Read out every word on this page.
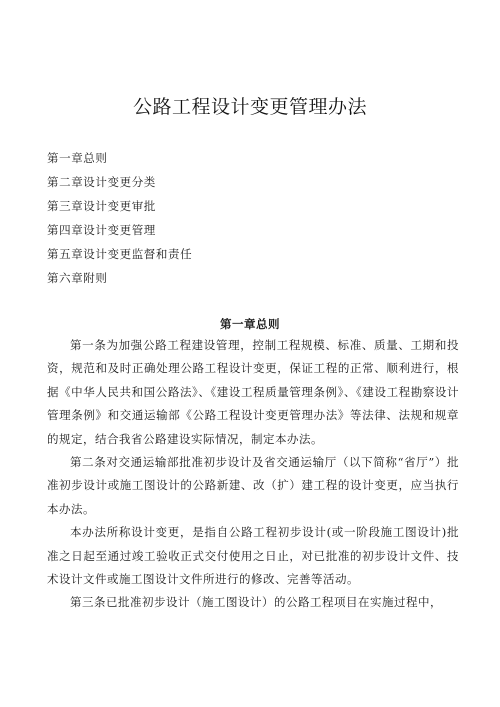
公路工程设计变更管理办法
第一章总则
第二章设计变更分类
第三章设计变更审批
第四章设计变更管理
第五章设计变更监督和责任
第六章附则
第一章总则

第一条为加强公路工程建设管理，控制工程规模、标准、质量、工期和投资，规范和及时正确处理公路工程设计变更，保证工程的正常、顺利进行，根据《中华人民共和国公路法》、《建设工程质量管理条例》、《建设工程勘察设计管理条例》和交通运输部《公路工程设计变更管理办法》等法律、法规和规章的规定，结合我省公路建设实际情况，制定本办法。

第二条对交通运输部批准初步设计及省交通运输厅（以下简称“省厅”）批准初步设计或施工图设计的公路新建、改（扩）建工程的设计变更，应当执行本办法。

本办法所称设计变更，是指自公路工程初步设计(或一阶段施工图设计)批准之日起至通过竣工验收正式交付使用之日止，对已批准的初步设计文件、技术设计文件或施工图设计文件所进行的修改、完善等活动。

第三条已批准初步设计（施工图设计）的公路工程项目在实施过程中，
